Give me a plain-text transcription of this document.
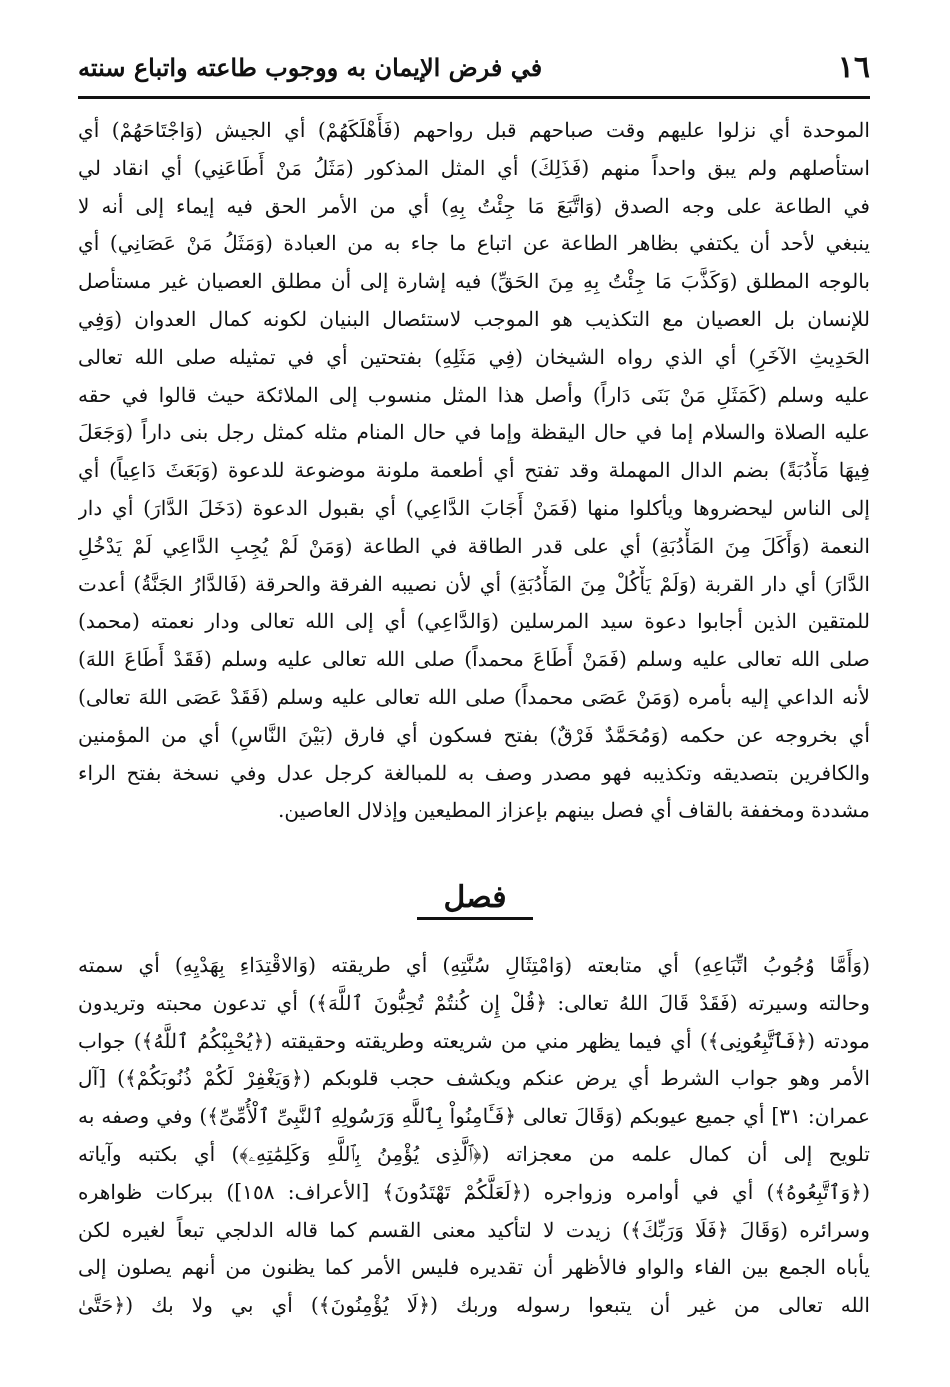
١٦
في فرض الإيمان به ووجوب طاعته واتباع سنته
الموحدة أي نزلوا عليهم وقت صباحهم قبل رواحهم (فَأَهْلَكَهُمْ) أي الجيش (وَاجْتَاحَهُمْ) أي
استأصلهم ولم يبق واحداً منهم (فَذَلِكَ) أي المثل المذكور (مَثَلُ مَنْ أَطَاعَنِي) أي انقاد لي
في الطاعة على وجه الصدق (وَاتَّبَعَ مَا جِئْتُ بِهِ) أي من الأمر الحق فيه إيماء إلى أنه لا
ينبغي لأحد أن يكتفي بظاهر الطاعة عن اتباع ما جاء به من العبادة (وَمَثَلُ مَنْ عَصَانِي) أي
بالوجه المطلق (وَكَذَّبَ مَا جِئْتُ بِهِ مِنَ الحَقِّ) فيه إشارة إلى أن مطلق العصيان غير مستأصل
للإنسان بل العصيان مع التكذيب هو الموجب لاستئصال البنيان لكونه كمال العدوان (وَفِي
الحَدِيثِ الآخَرِ) أي الذي رواه الشيخان (فِي مَثَلِهِ) بفتحتين أي في تمثيله صلى الله تعالى
عليه وسلم (كَمَثَلِ مَنْ بَنَى دَاراً) وأصل هذا المثل منسوب إلى الملائكة حيث قالوا في حقه
عليه الصلاة والسلام إما في حال اليقظة وإما في حال المنام مثله كمثل رجل بنى داراً (وَجَعَلَ
فِيهَا مَأْدُبَةً) بضم الدال المهملة وقد تفتح أي أطعمة ملونة موضوعة للدعوة (وَبَعَثَ دَاعِياً) أي
إلى الناس ليحضروها ويأكلوا منها (فَمَنْ أَجَابَ الدَّاعِي) أي بقبول الدعوة (دَخَلَ الدَّارَ) أي دار
النعمة (وَأَكَلَ مِنَ المَأْدُبَةِ) أي على قدر الطاقة في الطاعة (وَمَنْ لَمْ يُجِبِ الدَّاعِي لَمْ يَدْخُلِ
الدَّارَ) أي دار القربة (وَلَمْ يَأْكُلْ مِنَ المَأْدُبَةِ) أي لأن نصيبه الفرقة والحرقة (فَالدَّارُ الجَنَّةُ) أعدت
للمتقين الذين أجابوا دعوة سيد المرسلين (وَالدَّاعِي) أي إلى الله تعالى ودار نعمته (محمد)
صلى الله تعالى عليه وسلم (فَمَنْ أَطَاعَ محمداً) صلى الله تعالى عليه وسلم (فَقَدْ أَطَاعَ اللهَ)
لأنه الداعي إليه بأمره (وَمَنْ عَصَى محمداً) صلى الله تعالى عليه وسلم (فَقَدْ عَصَى اللهَ تعالى)
أي بخروجه عن حكمه (وَمُحَمَّدٌ فَرْقٌ) بفتح فسكون أي فارق (بَيْنَ النَّاسِ) أي من المؤمنين
والكافرين بتصديقه وتكذيبه فهو مصدر وصف به للمبالغة كرجل عدل وفي نسخة بفتح الراء
مشددة ومخففة بالقاف أي فصل بينهم بإعزاز المطيعين وإذلال العاصين.
فصل
(وَأَمَّا وُجُوبُ اتِّبَاعِهِ) أي متابعته (وَامْتِثَالِ سُنَّتِهِ) أي طريقته (وَالاقْتِدَاءِ بِهَدْيِهِ) أي سمته
وحالته وسيرته (فَقَدْ قَالَ اللهُ تعالى: ﴿قُلْ إِن كُنتُمْ تُحِبُّونَ ٱللَّهَ﴾) أي تدعون محبته وتريدون
مودته (﴿فَٱتَّبِعُونِى﴾) أي فيما يظهر مني من شريعته وطريقته وحقيقته (﴿يُحْبِبْكُمُ ٱللَّهُ﴾) جواب
الأمر وهو جواب الشرط أي يرض عنكم ويكشف حجب قلوبكم (﴿وَيَغْفِرْ لَكُمْ ذُنُوبَكُمْ﴾) [آل
عمران: ٣١] أي جميع عيوبكم (وَقَالَ تعالى ﴿فَـَٔامِنُواْ بِٱللَّهِ وَرَسُولِهِ ٱلنَّبِىِّ ٱلْأُمِّىِّ﴾) وفي وصفه به
تلويح إلى أن كمال علمه من معجزاته (﴿ٱلَّذِى يُؤْمِنُ بِٱللَّهِ وَكَلِمَٰتِهِۦ﴾) أي بكتبه وآياته
(﴿وَٱتَّبِعُوهُ﴾) أي في أوامره وزواجره (﴿لَعَلَّكُمْ تَهْتَدُونَ﴾ [الأعراف: ١٥٨]) ببركات ظواهره
وسرائره (وَقَالَ ﴿فَلَا وَرَبِّكَ﴾) زيدت لا لتأكيد معنى القسم كما قاله الدلجي تبعاً لغيره لكن
يأباه الجمع بين الفاء والواو فالأظهر أن تقديره فليس الأمر كما يظنون من أنهم يصلون إلى
الله تعالى من غير أن يتبعوا رسوله وربك (﴿لَا يُؤْمِنُونَ﴾) أي بي ولا بك (﴿حَتَّىٰ
